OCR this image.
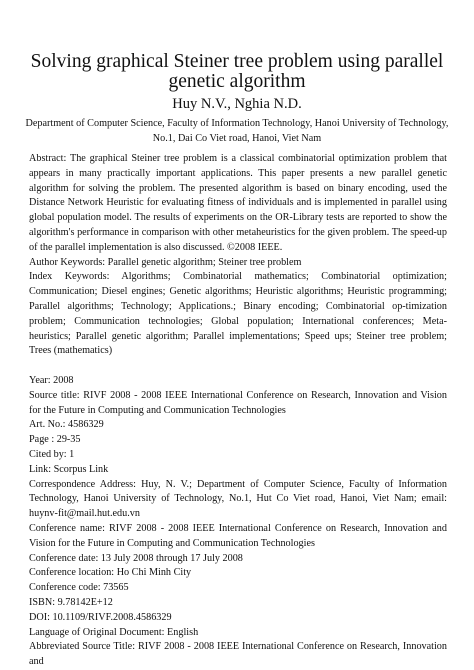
Solving graphical Steiner tree problem using parallel genetic algorithm
Huy N.V., Nghia N.D.
Department of Computer Science, Faculty of Information Technology, Hanoi University of Technology,
No.1, Dai Co Viet road, Hanoi, Viet Nam

Abstract: The graphical Steiner tree problem is a classical combinatorial optimization problem that appears in many practically important applications. This paper presents a new parallel genetic algorithm for solving the problem. The presented algorithm is based on binary encoding, used the Distance Network Heuristic for evaluating fitness of individuals and is implemented in parallel using global population model. The results of experiments on the OR-Library tests are reported to show the algorithm's performance in comparison with other metaheuristics for the given problem. The speed-up of the parallel implementation is also discussed. ©2008 IEEE.

Author Keywords: Parallel genetic algorithm; Steiner tree problem

Index Keywords: Algorithms; Combinatorial mathematics; Combinatorial optimization; Communication; Diesel engines; Genetic algorithms; Heuristic algorithms; Heuristic programming; Parallel algorithms; Technology; Applications.; Binary encoding; Combinatorial op-timization problem; Communication technologies; Global population; International conferences; Meta-heuristics; Parallel genetic algorithm; Parallel implementations; Speed ups; Steiner tree problem; Trees (mathematics)

Year: 2008

Source title: RIVF 2008 - 2008 IEEE International Conference on Research, Innovation and Vision for the Future in Computing and Communication Technologies

Art. No.: 4586329

Page : 29-35

Cited by: 1

Link: Scorpus Link

Correspondence Address: Huy, N. V.; Department of Computer Science, Faculty of Information Technology, Hanoi University of Technology, No.1, Hut Co Viet road, Hanoi, Viet Nam; email: huynv-fit@mail.hut.edu.vn

Conference name: RIVF 2008 - 2008 IEEE International Conference on Research, Innovation and Vision for the Future in Computing and Communication Technologies

Conference date: 13 July 2008 through 17 July 2008

Conference location: Ho Chi Minh City

Conference code: 73565

ISBN: 9.78142E+12

DOI: 10.1109/RIVF.2008.4586329

Language of Original Document: English

Abbreviated Source Title: RIVF 2008 - 2008 IEEE International Conference on Research, Innovation and
